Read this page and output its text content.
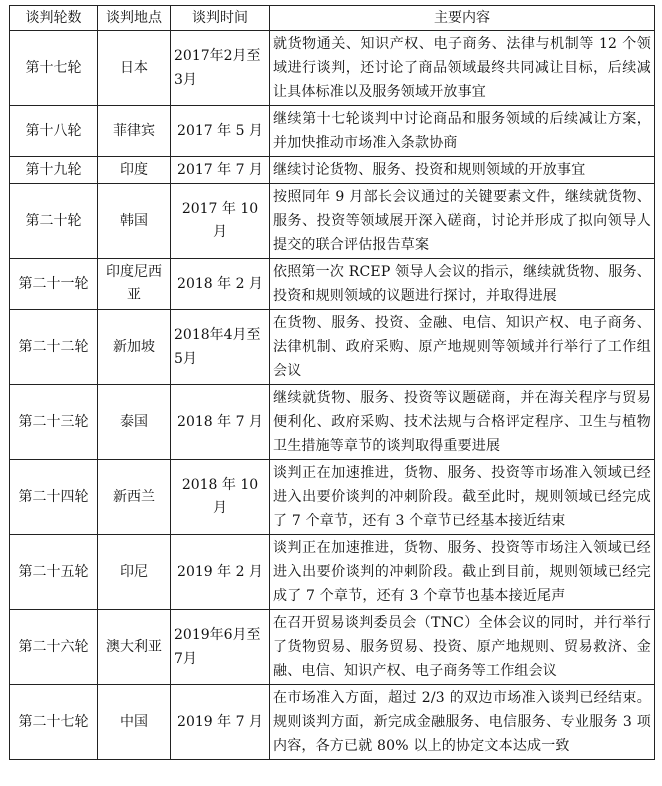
谈判轮数	谈判地点	谈判时间	主要内容
第十七轮	日本	2017年2月至3月	就货物通关、知识产权、电子商务、法律与机制等 12 个领域进行谈判，还讨论了商品领域最终共同减让目标，后续减让具体标准以及服务领域开放事宜
第十八轮	菲律宾	2017 年 5 月	继续第十七轮谈判中讨论商品和服务领域的后续减让方案，并加快推动市场准入条款协商
第十九轮	印度	2017 年 7 月	继续讨论货物、服务、投资和规则领域的开放事宜
第二十轮	韩国	2017 年 10 月	按照同年 9 月部长会议通过的关键要素文件，继续就货物、服务、投资等领域展开深入磋商，讨论并形成了拟向领导人提交的联合评估报告草案
第二十一轮	印度尼西亚	2018 年 2 月	依照第一次 RCEP 领导人会议的指示，继续就货物、服务、投资和规则领域的议题进行探讨，并取得进展
第二十二轮	新加坡	2018年4月至5月	在货物、服务、投资、金融、电信、知识产权、电子商务、法律机制、政府采购、原产地规则等领域并行举行了工作组会议
第二十三轮	泰国	2018 年 7 月	继续就货物、服务、投资等议题磋商，并在海关程序与贸易便利化、政府采购、技术法规与合格评定程序、卫生与植物卫生措施等章节的谈判取得重要进展
第二十四轮	新西兰	2018 年 10 月	谈判正在加速推进，货物、服务、投资等市场准入领域已经进入出要价谈判的冲刺阶段。截至此时，规则领域已经完成了 7 个章节，还有 3 个章节已经基本接近结束
第二十五轮	印尼	2019 年 2 月	谈判正在加速推进，货物、服务、投资等市场注入领域已经进入出要价谈判的冲刺阶段。截止到目前，规则领域已经完成了 7 个章节，还有 3 个章节也基本接近尾声
第二十六轮	澳大利亚	2019年6月至7月	在召开贸易谈判委员会（TNC）全体会议的同时，并行举行了货物贸易、服务贸易、投资、原产地规则、贸易救济、金融、电信、知识产权、电子商务等工作组会议
第二十七轮	中国	2019 年 7 月	在市场准入方面，超过 2/3 的双边市场准入谈判已经结束。规则谈判方面，新完成金融服务、电信服务、专业服务 3 项内容，各方已就 80% 以上的协定文本达成一致
